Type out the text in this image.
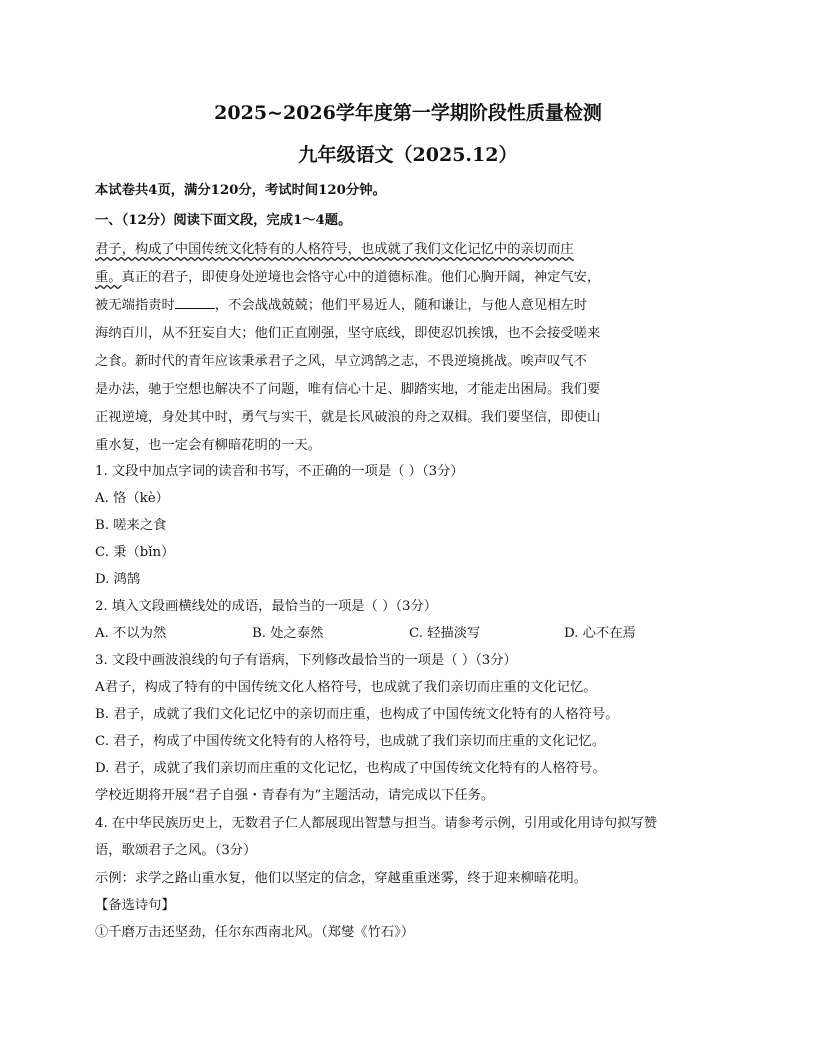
2025~2026学年度第一学期阶段性质量检测
九年级语文（2025.12）
本试卷共4页，满分120分，考试时间120分钟。
一、（12分）阅读下面文段，完成1～4题。
君子，构成了中国传统文化特有的人格符号，也成就了我们文化记忆中的亲切而庄
重。真正的君子，即使身处逆境也会恪守心中的道德标准。他们心胸开阔，神定气安，
被无端指责时	，不会战战兢兢；他们平易近人，随和谦让，与他人意见相左时
海纳百川，从不狂妄自大；他们正直刚强，坚守底线，即使忍饥挨饿，也不会接受嗟来
之食。新时代的青年应该秉承君子之风，早立鸿鹄之志，不畏逆境挑战。唉声叹气不
是办法，驰于空想也解决不了问题，唯有信心十足、脚踏实地，才能走出困局。我们要
正视逆境，身处其中时，勇气与实干，就是长风破浪的舟之双楫。我们要坚信，即使山
重水复，也一定会有柳暗花明的一天。
1. 文段中加点字词的读音和书写，不正确的一项是（ ）（3分）
A. 恪（kè）
B. 嗟来之食
C. 秉（bǐn）
D. 鸿鹄
2. 填入文段画横线处的成语，最恰当的一项是（ ）（3分）
A. 不以为然	B. 处之泰然	C. 轻描淡写	D. 心不在焉
3. 文段中画波浪线的句子有语病，下列修改最恰当的一项是（ ）（3分）
A君子，构成了特有的中国传统文化人格符号，也成就了我们亲切而庄重的文化记忆。
B. 君子，成就了我们文化记忆中的亲切而庄重，也构成了中国传统文化特有的人格符号。
C. 君子，构成了中国传统文化特有的人格符号，也成就了我们亲切而庄重的文化记忆。
D. 君子，成就了我们亲切而庄重的文化记忆，也构成了中国传统文化特有的人格符号。
学校近期将开展“君子自强・青春有为”主题活动，请完成以下任务。
4. 在中华民族历史上，无数君子仁人都展现出智慧与担当。请参考示例，引用或化用诗句拟写赞
语，歌颂君子之风。（3分）
示例：求学之路山重水复，他们以坚定的信念，穿越重重迷雾，终于迎来柳暗花明。
【备选诗句】
①千磨万击还坚劲，任尔东西南北风。（郑燮《竹石》）
